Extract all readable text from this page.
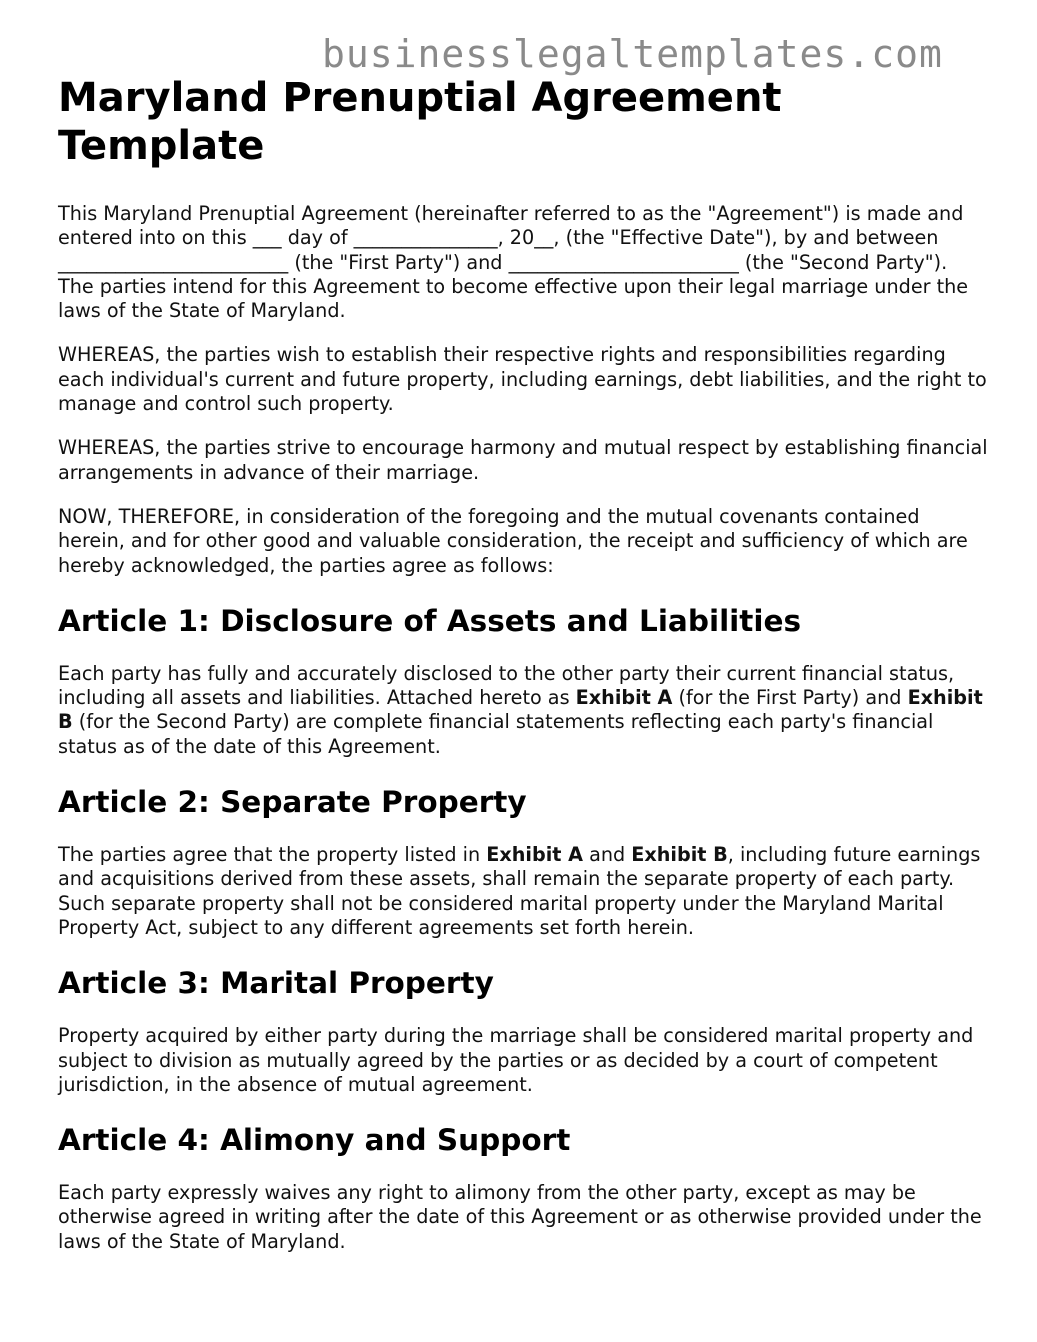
businesslegaltemplates.com
Maryland Prenuptial Agreement Template

This Maryland Prenuptial Agreement (hereinafter referred to as the "Agreement") is made and entered into on this ___ day of _______________, 20__, (the "Effective Date"), by and between ________________________ (the "First Party") and ________________________ (the "Second Party"). The parties intend for this Agreement to become effective upon their legal marriage under the laws of the State of Maryland.

WHEREAS, the parties wish to establish their respective rights and responsibilities regarding each individual's current and future property, including earnings, debt liabilities, and the right to manage and control such property.

WHEREAS, the parties strive to encourage harmony and mutual respect by establishing financial arrangements in advance of their marriage.

NOW, THEREFORE, in consideration of the foregoing and the mutual covenants contained herein, and for other good and valuable consideration, the receipt and sufficiency of which are hereby acknowledged, the parties agree as follows:

Article 1: Disclosure of Assets and Liabilities

Each party has fully and accurately disclosed to the other party their current financial status, including all assets and liabilities. Attached hereto as Exhibit A (for the First Party) and Exhibit B (for the Second Party) are complete financial statements reflecting each party's financial status as of the date of this Agreement.

Article 2: Separate Property

The parties agree that the property listed in Exhibit A and Exhibit B, including future earnings and acquisitions derived from these assets, shall remain the separate property of each party. Such separate property shall not be considered marital property under the Maryland Marital Property Act, subject to any different agreements set forth herein.

Article 3: Marital Property

Property acquired by either party during the marriage shall be considered marital property and subject to division as mutually agreed by the parties or as decided by a court of competent jurisdiction, in the absence of mutual agreement.

Article 4: Alimony and Support

Each party expressly waives any right to alimony from the other party, except as may be otherwise agreed in writing after the date of this Agreement or as otherwise provided under the laws of the State of Maryland.
